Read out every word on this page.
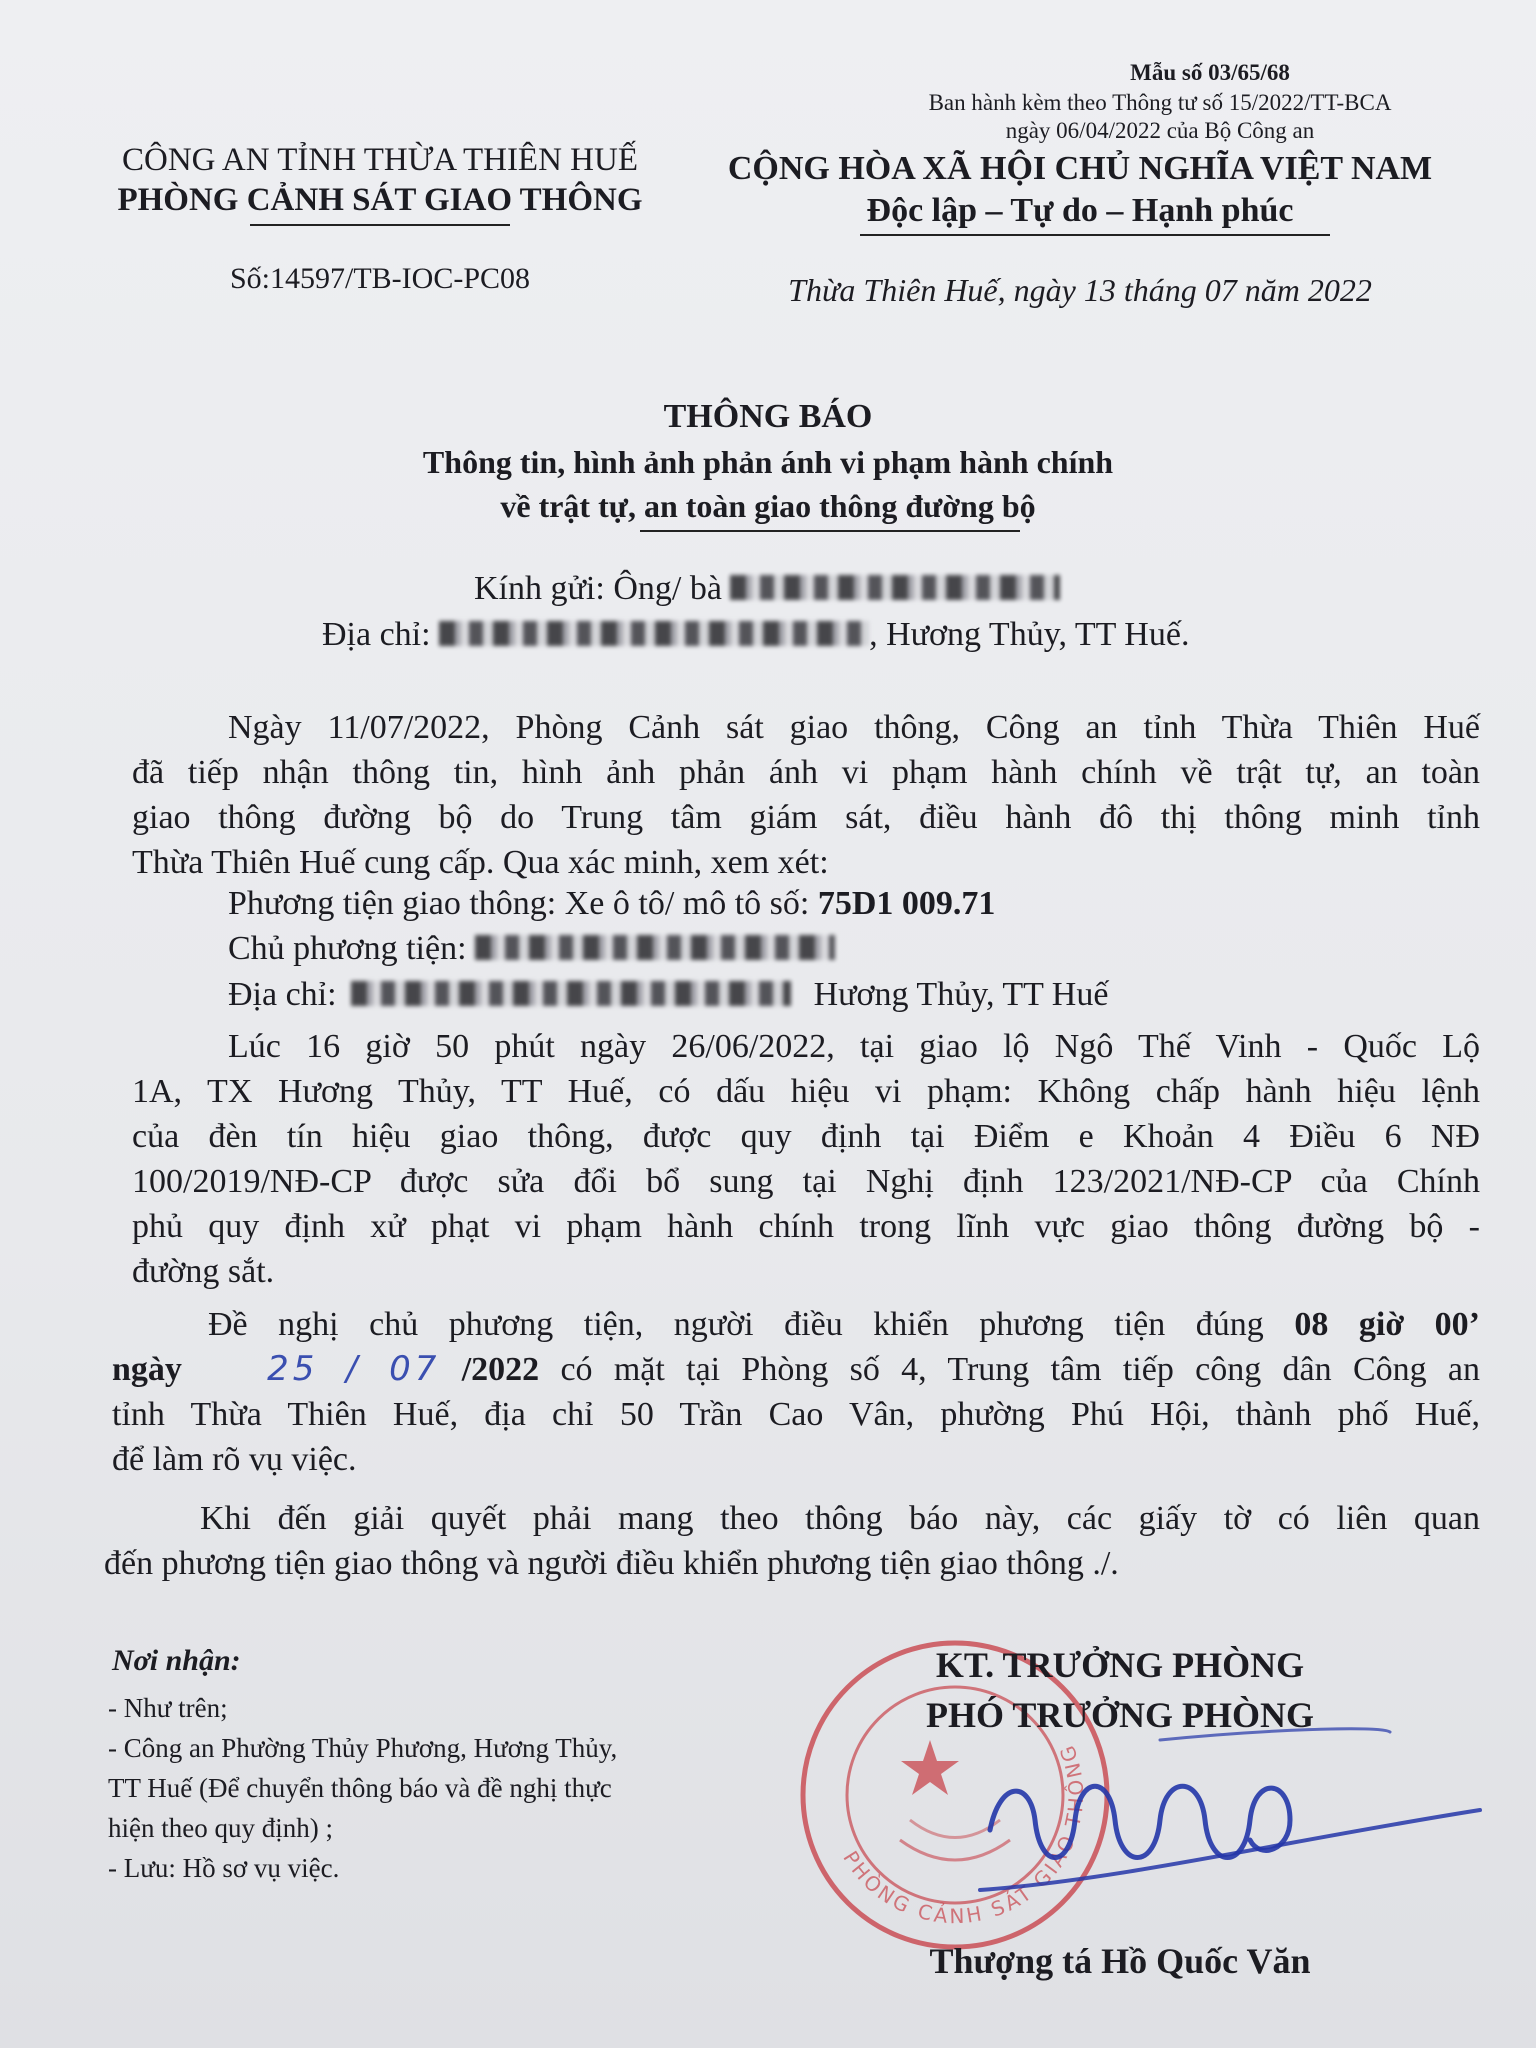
Mẫu số 03/65/68
Ban hành kèm theo Thông tư số 15/2022/TT-BCA
ngày 06/04/2022 của Bộ Công an
CÔNG AN TỈNH THỪA THIÊN HUẾ
PHÒNG CẢNH SÁT GIAO THÔNG
Số:14597/TB-IOC-PC08
CỘNG HÒA XÃ HỘI CHỦ NGHĨA VIỆT NAM
Độc lập – Tự do – Hạnh phúc
Thừa Thiên Huế, ngày 13 tháng 07 năm 2022
THÔNG BÁO
Thông tin, hình ảnh phản ánh vi phạm hành chính
về trật tự, an toàn giao thông đường bộ
Kính gửi: Ông/ bà
Địa chỉ:	, Hương Thủy, TT Huế.
Ngày 11/07/2022, Phòng Cảnh sát giao thông, Công an tỉnh Thừa Thiên Huế
đã tiếp nhận thông tin, hình ảnh phản ánh vi phạm hành chính về trật tự, an toàn
giao thông đường bộ do Trung tâm giám sát, điều hành đô thị thông minh tỉnh
Thừa Thiên Huế cung cấp. Qua xác minh, xem xét:
Phương tiện giao thông: Xe ô tô/ mô tô số: 75D1 009.71
Chủ phương tiện:
Địa chỉ:	Hương Thủy, TT Huế
Lúc 16 giờ 50 phút ngày 26/06/2022, tại giao lộ Ngô Thế Vinh - Quốc Lộ
1A, TX Hương Thủy, TT Huế, có dấu hiệu vi phạm: Không chấp hành hiệu lệnh
của đèn tín hiệu giao thông, được quy định tại Điểm e Khoản 4 Điều 6 NĐ
100/2019/NĐ-CP được sửa đổi bổ sung tại Nghị định 123/2021/NĐ-CP của Chính
phủ quy định xử phạt vi phạm hành chính trong lĩnh vực giao thông đường bộ -
đường sắt.
Đề nghị chủ phương tiện, người điều khiển phương tiện đúng 08 giờ 00’
ngày	25 / 07 /2022 có mặt tại Phòng số 4, Trung tâm tiếp công dân Công an
tỉnh Thừa Thiên Huế, địa chỉ 50 Trần Cao Vân, phường Phú Hội, thành phố Huế,
để làm rõ vụ việc.
Khi đến giải quyết phải mang theo thông báo này, các giấy tờ có liên quan
đến phương tiện giao thông và người điều khiển phương tiện giao thông ./.
Nơi nhận:
- Như trên;
- Công an Phường Thủy Phương, Hương Thủy,
TT Huế (Để chuyển thông báo và đề nghị thực
hiện theo quy định) ;
- Lưu: Hồ sơ vụ việc.	PHÒNG CẢNH SÁT GIAO THÔNG
KT. TRƯỞNG PHÒNG
PHÓ TRƯỞNG PHÒNG
Thượng tá Hồ Quốc Văn
